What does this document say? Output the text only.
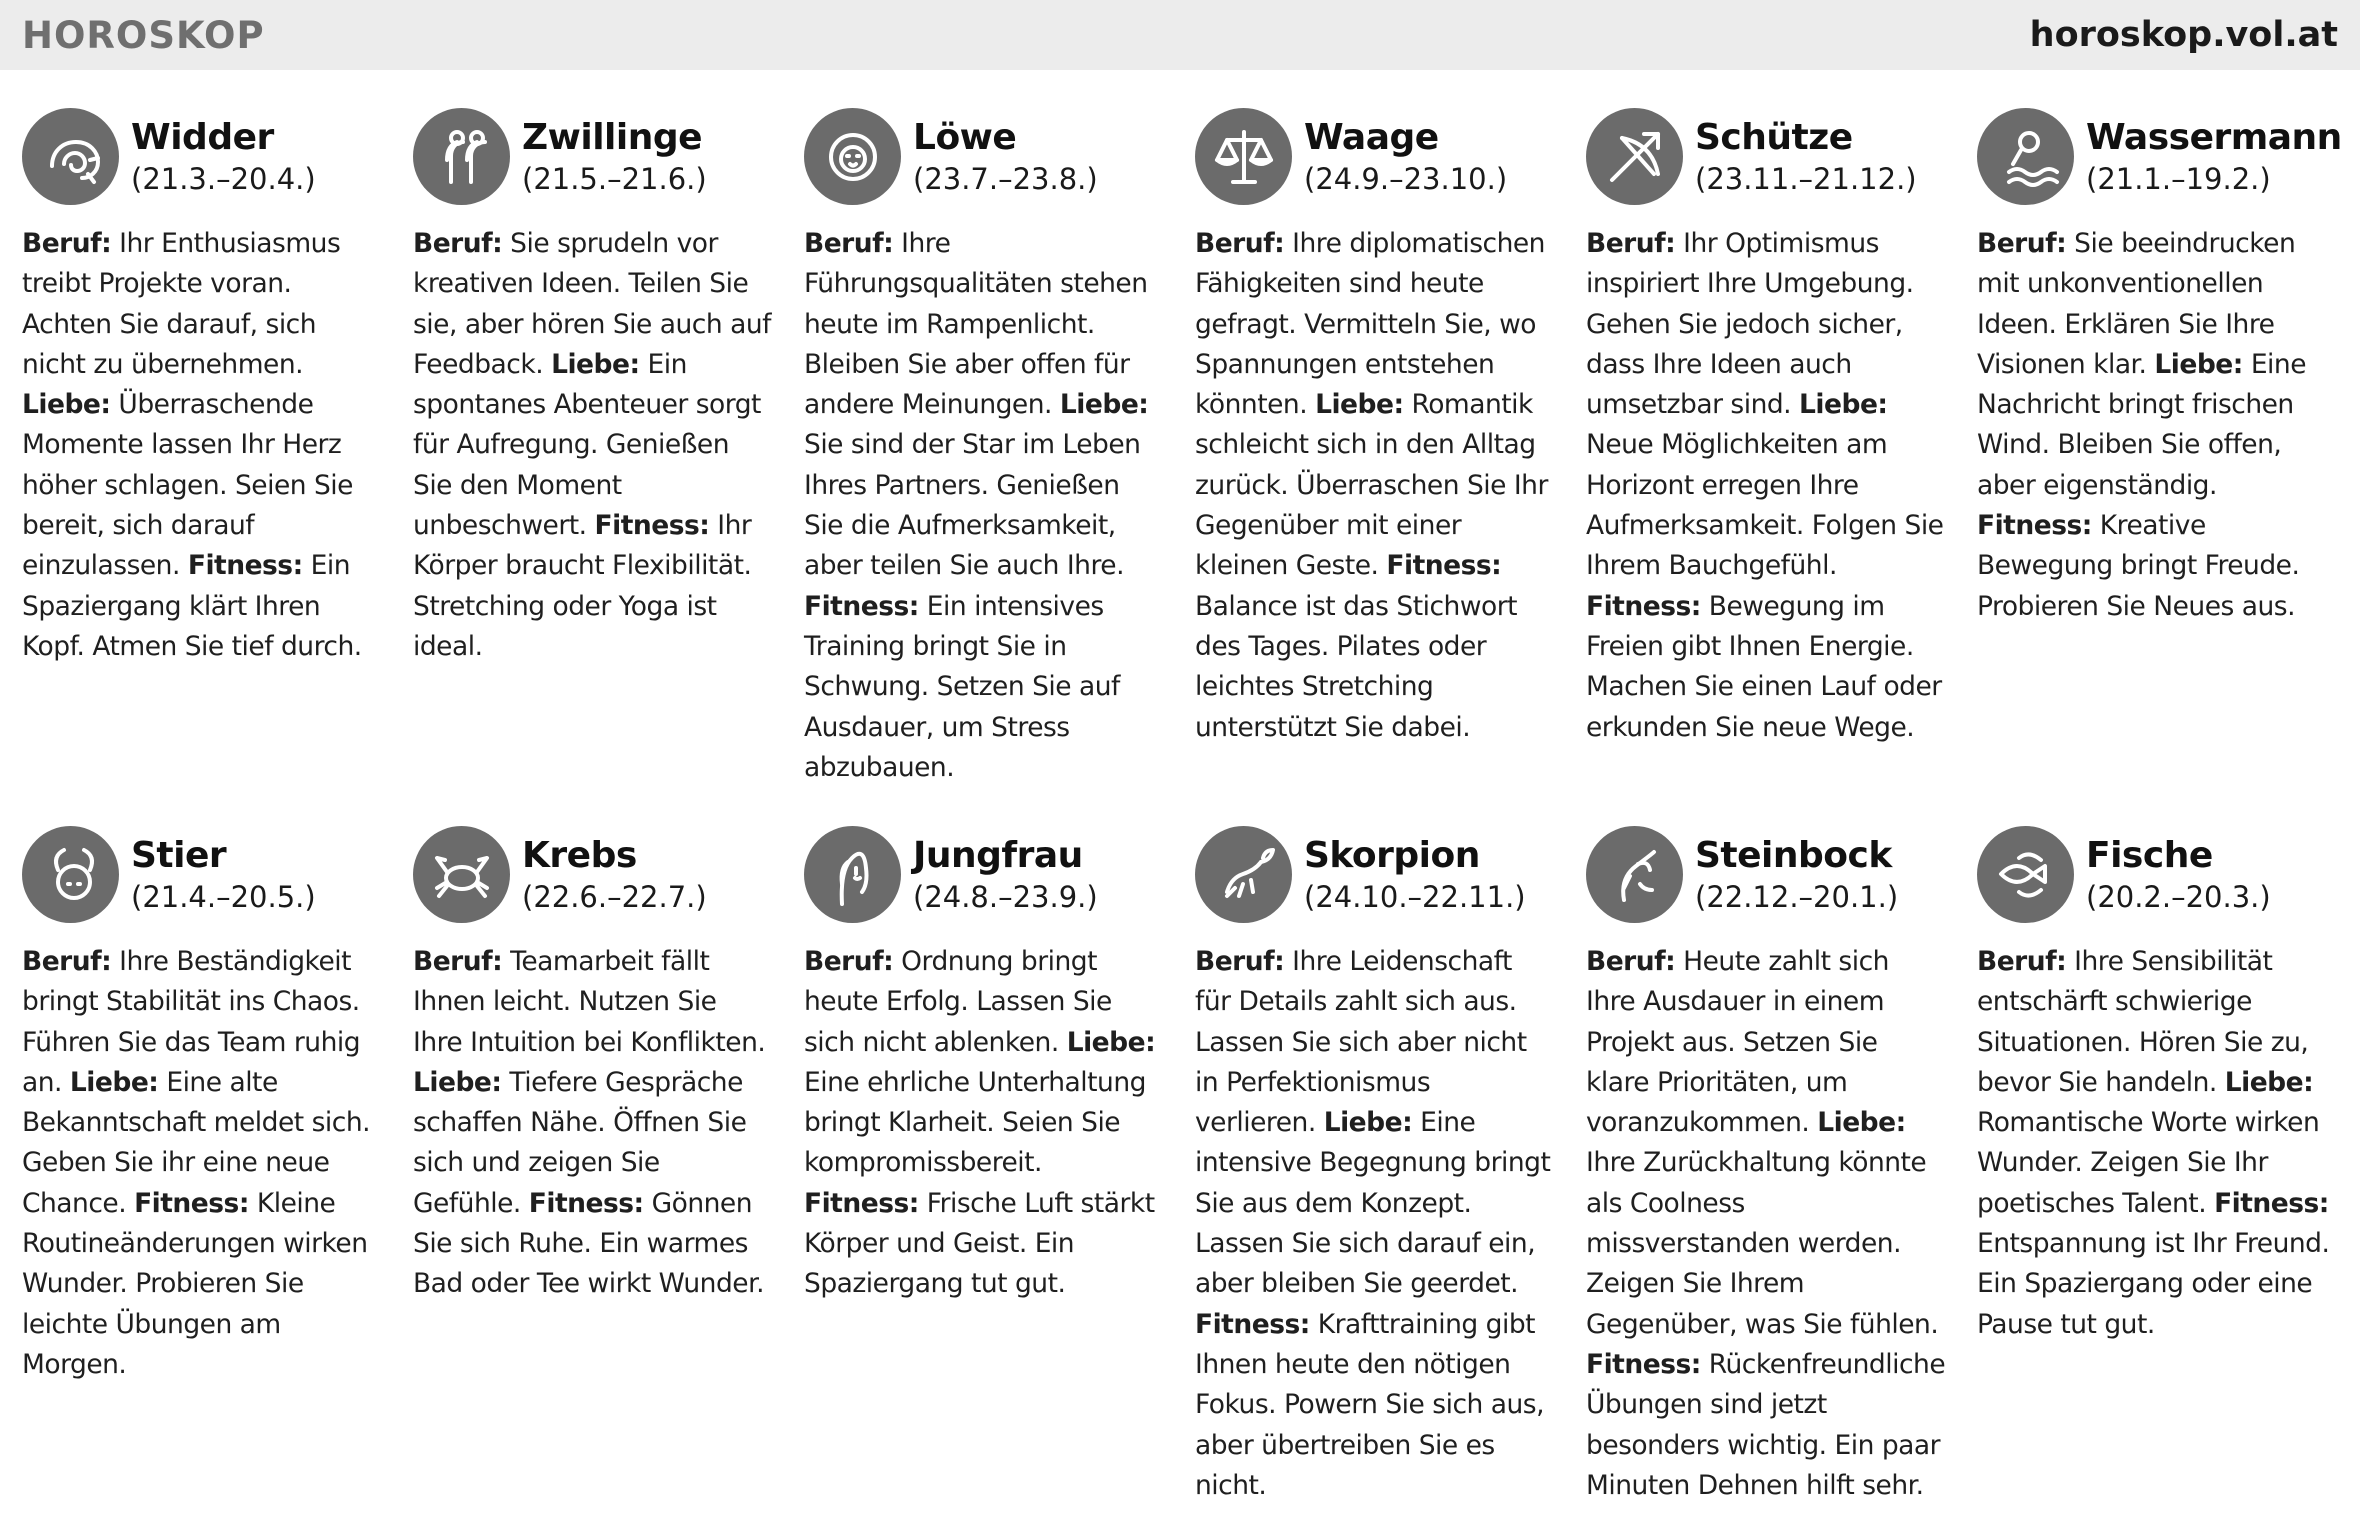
HOROSKOP	horoskop.vol.at
Widder
(21.3.–20.4.)
Beruf: Ihr Enthusiasmus treibt Projekte voran. Achten Sie darauf, sich nicht zu übernehmen. Liebe: Überraschende Momente lassen Ihr Herz höher schlagen. Seien Sie bereit, sich darauf einzulassen. Fitness: Ein Spaziergang klärt Ihren Kopf. Atmen Sie tief durch.
Zwillinge
(21.5.–21.6.)
Beruf: Sie sprudeln vor kreativen Ideen. Teilen Sie sie, aber hören Sie auch auf Feedback. Liebe: Ein spontanes Abenteuer sorgt für Aufregung. Genießen Sie den Moment unbeschwert. Fitness: Ihr Körper braucht Flexibilität. Stretching oder Yoga ist ideal.
Löwe
(23.7.–23.8.)
Beruf: Ihre Führungsqualitäten stehen heute im Rampenlicht. Bleiben Sie aber offen für andere Meinungen. Liebe: Sie sind der Star im Leben Ihres Partners. Genießen Sie die Aufmerksamkeit, aber teilen Sie auch Ihre. Fitness: Ein intensives Training bringt Sie in Schwung. Setzen Sie auf Ausdauer, um Stress abzubauen.
Waage
(24.9.–23.10.)
Beruf: Ihre diplomatischen Fähigkeiten sind heute gefragt. Vermitteln Sie, wo Spannungen entstehen könnten. Liebe: Romantik schleicht sich in den Alltag zurück. Überraschen Sie Ihr Gegenüber mit einer kleinen Geste. Fitness: Balance ist das Stichwort des Tages. Pilates oder leichtes Stretching unterstützt Sie dabei.
Schütze
(23.11.–21.12.)
Beruf: Ihr Optimismus inspiriert Ihre Umgebung. Gehen Sie jedoch sicher, dass Ihre Ideen auch umsetzbar sind. Liebe: Neue Möglichkeiten am Horizont erregen Ihre Aufmerksamkeit. Folgen Sie Ihrem Bauchgefühl. Fitness: Bewegung im Freien gibt Ihnen Energie. Machen Sie einen Lauf oder erkunden Sie neue Wege.
Wassermann
(21.1.–19.2.)
Beruf: Sie beeindrucken mit unkonventionellen Ideen. Erklären Sie Ihre Visionen klar. Liebe: Eine Nachricht bringt frischen Wind. Bleiben Sie offen, aber eigenständig. Fitness: Kreative Bewegung bringt Freude. Probieren Sie Neues aus.
Stier
(21.4.–20.5.)
Beruf: Ihre Beständigkeit bringt Stabilität ins Chaos. Führen Sie das Team ruhig an. Liebe: Eine alte Bekanntschaft meldet sich. Geben Sie ihr eine neue Chance. Fitness: Kleine Routineänderungen wirken Wunder. Probieren Sie leichte Übungen am Morgen.
Krebs
(22.6.–22.7.)
Beruf: Teamarbeit fällt Ihnen leicht. Nutzen Sie Ihre Intuition bei Konflikten. Liebe: Tiefere Gespräche schaffen Nähe. Öffnen Sie sich und zeigen Sie Gefühle. Fitness: Gönnen Sie sich Ruhe. Ein warmes Bad oder Tee wirkt Wunder.
Jungfrau
(24.8.–23.9.)
Beruf: Ordnung bringt heute Erfolg. Lassen Sie sich nicht ablenken. Liebe: Eine ehrliche Unterhaltung bringt Klarheit. Seien Sie kompromissbereit. Fitness: Frische Luft stärkt Körper und Geist. Ein Spaziergang tut gut.
Skorpion
(24.10.–22.11.)
Beruf: Ihre Leidenschaft für Details zahlt sich aus. Lassen Sie sich aber nicht in Perfektionismus verlieren. Liebe: Eine intensive Begegnung bringt Sie aus dem Konzept. Lassen Sie sich darauf ein, aber bleiben Sie geerdet. Fitness: Krafttraining gibt Ihnen heute den nötigen Fokus. Powern Sie sich aus, aber übertreiben Sie es nicht.
Steinbock
(22.12.–20.1.)
Beruf: Heute zahlt sich Ihre Ausdauer in einem Projekt aus. Setzen Sie klare Prioritäten, um voranzukommen. Liebe: Ihre Zurückhaltung könnte als Coolness missverstanden werden. Zeigen Sie Ihrem Gegenüber, was Sie fühlen. Fitness: Rückenfreundliche Übungen sind jetzt besonders wichtig. Ein paar Minuten Dehnen hilft sehr.
Fische
(20.2.–20.3.)
Beruf: Ihre Sensibilität entschärft schwierige Situationen. Hören Sie zu, bevor Sie handeln. Liebe: Romantische Worte wirken Wunder. Zeigen Sie Ihr poetisches Talent. Fitness: Entspannung ist Ihr Freund. Ein Spaziergang oder eine Pause tut gut.
